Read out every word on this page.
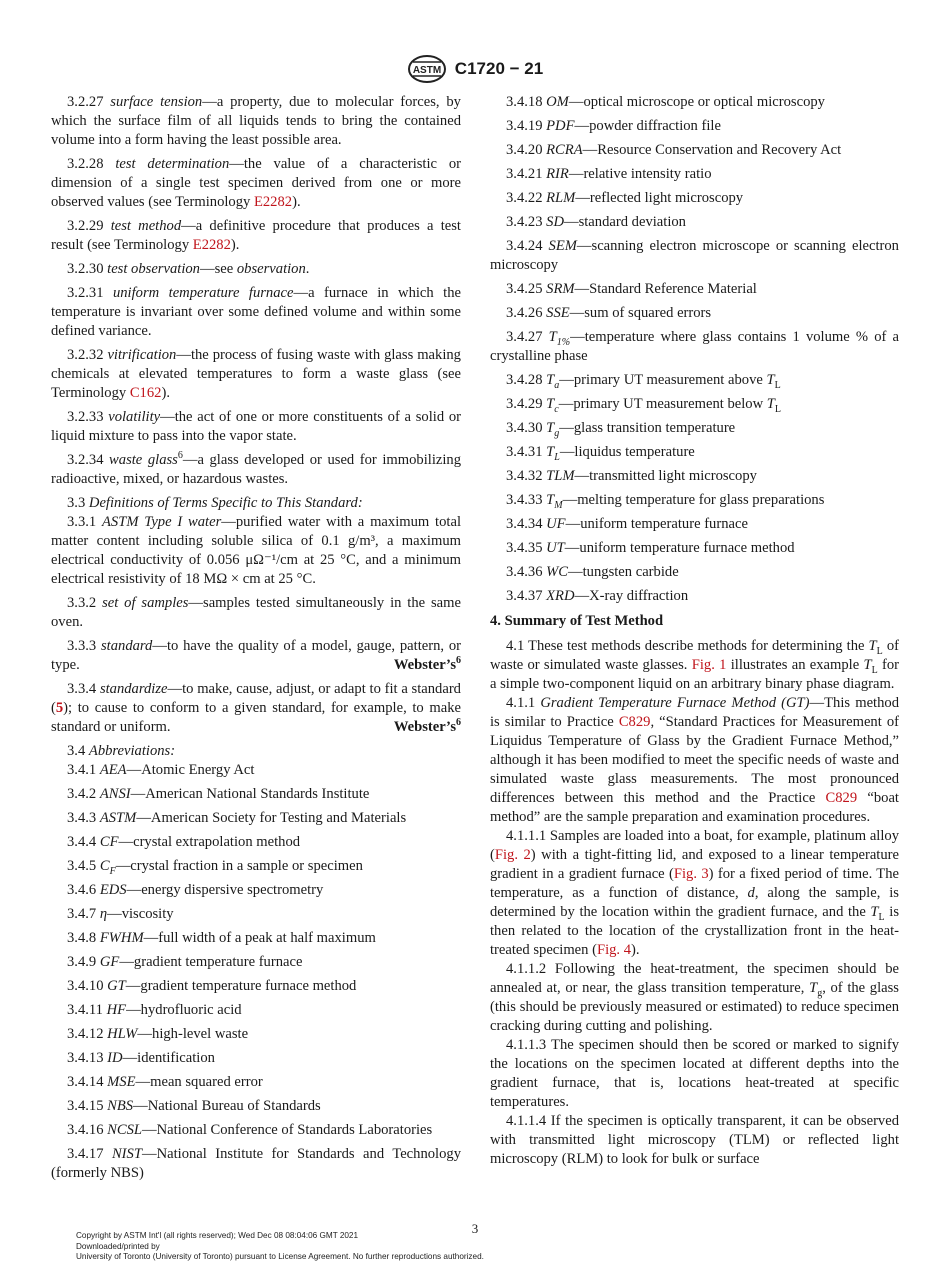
ASTM C1720 − 21

3.2.27 surface tension—a property, due to molecular forces, by which the surface film of all liquids tends to bring the contained volume into a form having the least possible area.

3.2.28 test determination—the value of a characteristic or dimension of a single test specimen derived from one or more observed values (see Terminology E2282).

3.2.29 test method—a definitive procedure that produces a test result (see Terminology E2282).

3.2.30 test observation—see observation.

3.2.31 uniform temperature furnace—a furnace in which the temperature is invariant over some defined volume and within some defined variance.

3.2.32 vitrification—the process of fusing waste with glass making chemicals at elevated temperatures to form a waste glass (see Terminology C162).

3.2.33 volatility—the act of one or more constituents of a solid or liquid mixture to pass into the vapor state.

3.2.34 waste glass$^6$—a glass developed or used for immobilizing radioactive, mixed, or hazardous wastes.

3.3 Definitions of Terms Specific to This Standard:

3.3.1 ASTM Type I water—purified water with a maximum total matter content including soluble silica of 0.1 g/m³, a maximum electrical conductivity of 0.056 μΩ⁻¹/cm at 25 °C, and a minimum electrical resistivity of 18 MΩ × cm at 25 °C.

3.3.2 set of samples—samples tested simultaneously in the same oven.

3.3.3 standard—to have the quality of a model, gauge, pattern, or type.	$Webster’s^6$

3.3.4 standardize—to make, cause, adjust, or adapt to fit a standard (5); to cause to conform to a given standard, for example, to make standard or uniform.	$Webster’s^6$

3.4 Abbreviations:

3.4.1 AEA—Atomic Energy Act

3.4.2 ANSI—American National Standards Institute

3.4.3 ASTM—American Society for Testing and Materials

3.4.4 CF—crystal extrapolation method

3.4.5 $C_F—crystal$ fraction in a sample or specimen

3.4.6 EDS—energy dispersive spectrometry

3.4.7 η—viscosity

3.4.8 FWHM—full width of a peak at half maximum

3.4.9 GF—gradient temperature furnace

3.4.10 GT—gradient temperature furnace method

3.4.11 HF—hydrofluoric acid

3.4.12 HLW—high-level waste

3.4.13 ID—identification

3.4.14 MSE—mean squared error

3.4.15 NBS—National Bureau of Standards

3.4.16 NCSL—National Conference of Standards Laboratories

3.4.17 NIST—National Institute for Standards and Technology (formerly NBS)

3.4.18 OM—optical microscope or optical microscopy

3.4.19 PDF—powder diffraction file

3.4.20 RCRA—Resource Conservation and Recovery Act

3.4.21 RIR—relative intensity ratio

3.4.22 RLM—reflected light microscopy

3.4.23 SD—standard deviation

3.4.24 SEM—scanning electron microscope or scanning electron microscopy

3.4.25 SRM—Standard Reference Material

3.4.26 SSE—sum of squared errors

3.4.27 $T_{1\%}—temperature$ where glass contains 1 volume % of a crystalline phase

3.4.28 $T_a—primary$ UT measurement above $T_L$

3.4.29 $T_c—primary$ UT measurement below $T_L$

3.4.30 $T_g—glass$ transition temperature

3.4.31 $T_L—liquidus$ temperature

3.4.32 TLM—transmitted light microscopy

3.4.33 $T_M—melting$ temperature for glass preparations

3.4.34 UF—uniform temperature furnace

3.4.35 UT—uniform temperature furnace method

3.4.36 WC—tungsten carbide

3.4.37 XRD—X-ray diffraction

4. Summary of Test Method

4.1 These test methods describe methods for determining the $T_L$ of waste or simulated waste glasses. Fig. 1 illustrates an example $T_L$ for a simple two-component liquid on an arbitrary binary phase diagram.

4.1.1 Gradient Temperature Furnace Method (GT)—This method is similar to Practice C829, “Standard Practices for Measurement of Liquidus Temperature of Glass by the Gradient Furnace Method,” although it has been modified to meet the specific needs of waste and simulated waste glass measurements. The most pronounced differences between this method and the Practice C829 “boat method” are the sample preparation and examination procedures.

4.1.1.1 Samples are loaded into a boat, for example, platinum alloy (Fig. 2) with a tight-fitting lid, and exposed to a linear temperature gradient in a gradient furnace (Fig. 3) for a fixed period of time. The temperature, as a function of distance, d, along the sample, is determined by the location within the gradient furnace, and the $T_L$ is then related to the location of the crystallization front in the heat-treated specimen (Fig. 4).

4.1.1.2 Following the heat-treatment, the specimen should be annealed at, or near, the glass transition temperature, $T_g$, of the glass (this should be previously measured or estimated) to reduce specimen cracking during cutting and polishing.

4.1.1.3 The specimen should then be scored or marked to signify the locations on the specimen located at different depths into the gradient furnace, that is, locations heat-treated at specific temperatures.

4.1.1.4 If the specimen is optically transparent, it can be observed with transmitted light microscopy (TLM) or reflected light microscopy (RLM) to look for bulk or surface

3
Copyright by ASTM Int'l (all rights reserved); Wed Dec 08 08:04:06 GMT 2021
Downloaded/printed by
University of Toronto (University of Toronto) pursuant to License Agreement. No further reproductions authorized.
